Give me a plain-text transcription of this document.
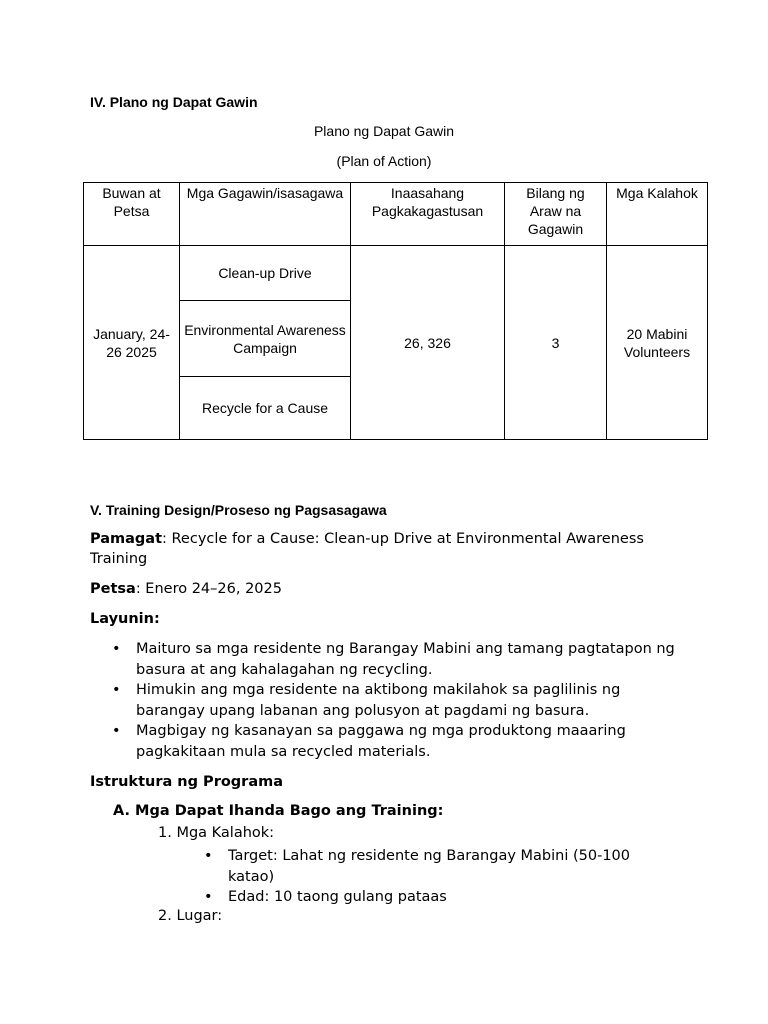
IV. Plano ng Dapat Gawin
Plano ng Dapat Gawin
(Plan of Action)
Buwan at Petsa	Mga Gagawin/isasagawa	Inaasahang Pagkakagastusan	Bilang ng Araw na Gagawin	Mga Kalahok
January, 24-26 2025	Clean-up Drive	26, 326	3	20 Mabini Volunteers
	Environmental Awareness Campaign			
	Recycle for a Cause			
V. Training Design/Proseso ng Pagsasagawa
Pamagat: Recycle for a Cause: Clean-up Drive at Environmental Awareness Training
Petsa: Enero 24–26, 2025
Layunin:
• Maituro sa mga residente ng Barangay Mabini ang tamang pagtatapon ng basura at ang kahalagahan ng recycling.
• Himukin ang mga residente na aktibong makilahok sa paglilinis ng barangay upang labanan ang polusyon at pagdami ng basura.
• Magbigay ng kasanayan sa paggawa ng mga produktong maaaring pagkakitaan mula sa recycled materials.
Istruktura ng Programa
A. Mga Dapat Ihanda Bago ang Training:
1. Mga Kalahok:
• Target: Lahat ng residente ng Barangay Mabini (50-100 katao)
• Edad: 10 taong gulang pataas
2. Lugar:
